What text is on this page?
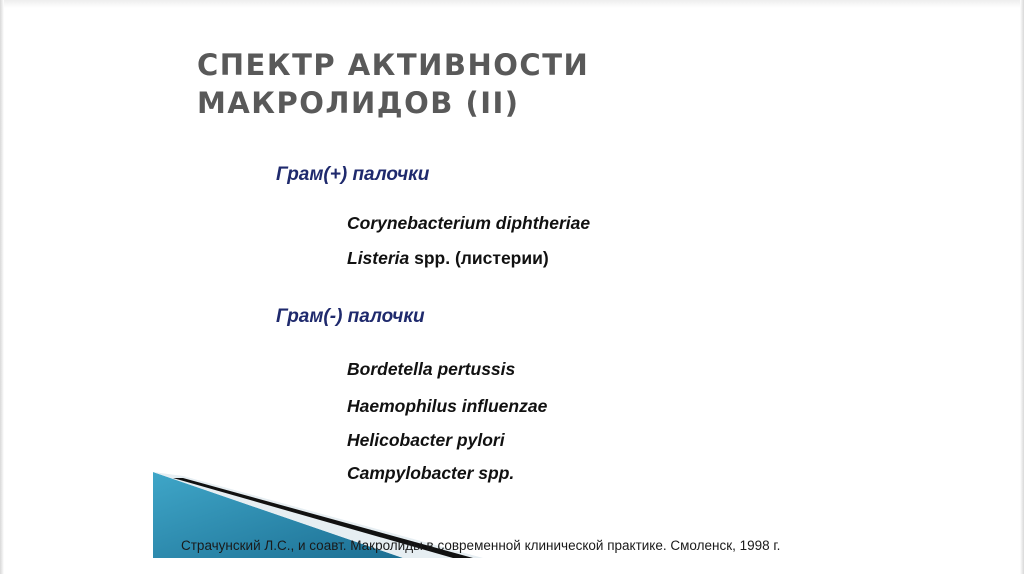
СПЕКТР АКТИВНОСТИ
МАКРОЛИДОВ (II)
Грам(+) палочки
Corynebacterium diphtheriae
Listeria spp. (листерии)
Грам(-) палочки
Bordetella pertussis
Haemophilus influenzae
Helicobacter pylori
Campylobacter spp.
Страчунский Л.С., и соавт. Макролиды в современной клинической практике. Смоленск, 1998 г.
